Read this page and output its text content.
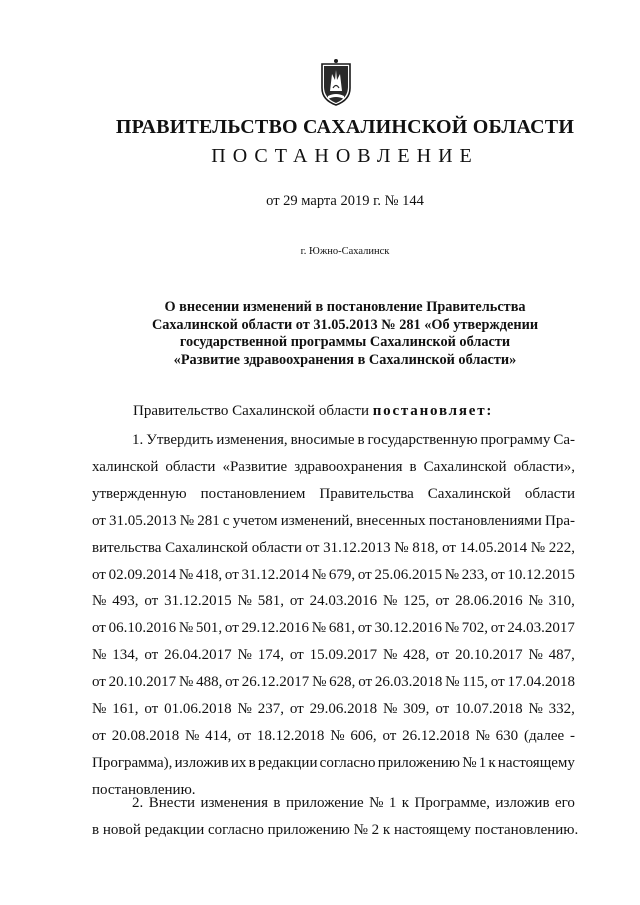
ПРАВИТЕЛЬСТВО САХАЛИНСКОЙ ОБЛАСТИ
ПОСТАНОВЛЕНИЕ
от 29 марта 2019 г. № 144
г. Южно-Сахалинск
О внесении изменений в постановление Правительства
Сахалинской области от 31.05.2013 № 281 «Об утверждении
государственной программы Сахалинской области
«Развитие здравоохранения в Сахалинской области»
Правительство Сахалинской области постановляет:
1. Утвердить изменения, вносимые в государственную программу Са-
халинской области «Развитие здравоохранения в Сахалинской области»,
утвержденную постановлением Правительства Сахалинской области
от 31.05.2013 № 281 с учетом изменений, внесенных постановлениями Пра-
вительства Сахалинской области от 31.12.2013 № 818, от 14.05.2014 № 222,
от 02.09.2014 № 418, от 31.12.2014 № 679, от 25.06.2015 № 233, от 10.12.2015
№ 493, от 31.12.2015 № 581, от 24.03.2016 № 125, от 28.06.2016 № 310,
от 06.10.2016 № 501, от 29.12.2016 № 681, от 30.12.2016 № 702, от 24.03.2017
№ 134, от 26.04.2017 № 174, от 15.09.2017 № 428, от 20.10.2017 № 487,
от 20.10.2017 № 488, от 26.12.2017 № 628, от 26.03.2018 № 115, от 17.04.2018
№ 161, от 01.06.2018 № 237, от 29.06.2018 № 309, от 10.07.2018 № 332,
от 20.08.2018 № 414, от 18.12.2018 № 606, от 26.12.2018 № 630 (далее -
Программа), изложив их в редакции согласно приложению № 1 к настоящему
постановлению.
2. Внести изменения в приложение № 1 к Программе, изложив его
в новой редакции согласно приложению № 2 к настоящему постановлению.
